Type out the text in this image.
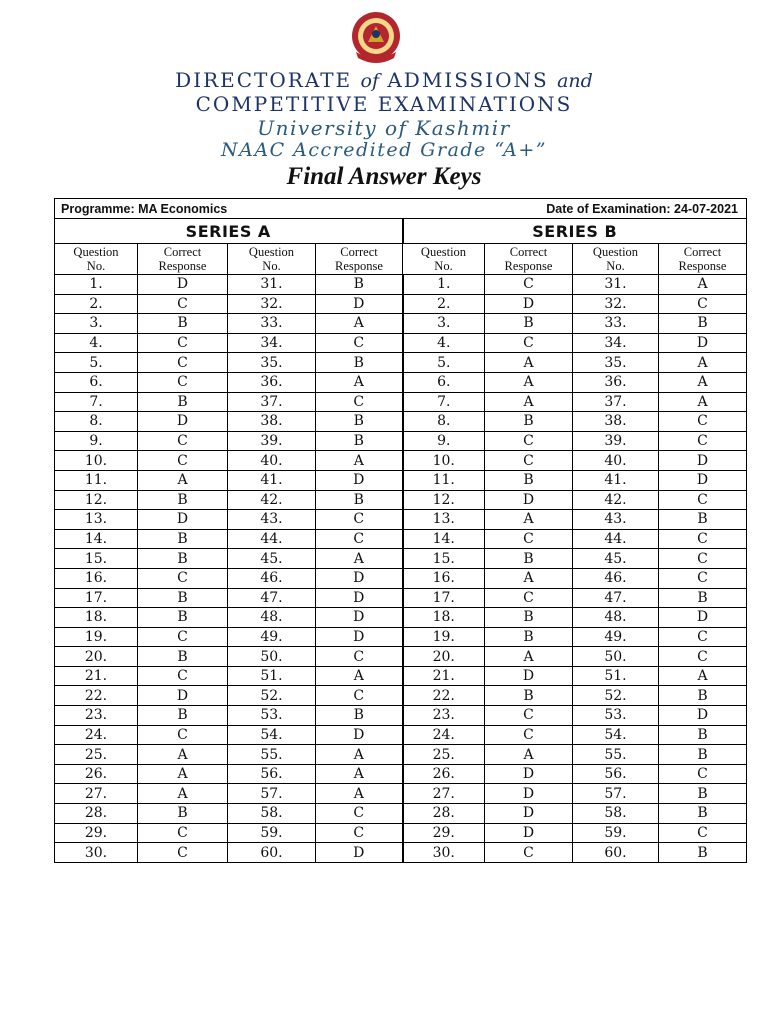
DIRECTORATE of ADMISSIONS and
COMPETITIVE EXAMINATIONS
University of Kashmir
NAAC Accredited Grade “A+”
Final Answer Keys
Programme: MA Economics				Date of Examination: 24-07-2021			
SERIES A				SERIES B			
Question
No.	Correct
Response	Question
No.	Correct
Response	Question
No.	Correct
Response	Question
No.	Correct
Response
1.	D	31.	B	1.	C	31.	A
2.	C	32.	D	2.	D	32.	C
3.	B	33.	A	3.	B	33.	B
4.	C	34.	C	4.	C	34.	D
5.	C	35.	B	5.	A	35.	A
6.	C	36.	A	6.	A	36.	A
7.	B	37.	C	7.	A	37.	A
8.	D	38.	B	8.	B	38.	C
9.	C	39.	B	9.	C	39.	C
10.	C	40.	A	10.	C	40.	D
11.	A	41.	D	11.	B	41.	D
12.	B	42.	B	12.	D	42.	C
13.	D	43.	C	13.	A	43.	B
14.	B	44.	C	14.	C	44.	C
15.	B	45.	A	15.	B	45.	C
16.	C	46.	D	16.	A	46.	C
17.	B	47.	D	17.	C	47.	B
18.	B	48.	D	18.	B	48.	D
19.	C	49.	D	19.	B	49.	C
20.	B	50.	C	20.	A	50.	C
21.	C	51.	A	21.	D	51.	A
22.	D	52.	C	22.	B	52.	B
23.	B	53.	B	23.	C	53.	D
24.	C	54.	D	24.	C	54.	B
25.	A	55.	A	25.	A	55.	B
26.	A	56.	A	26.	D	56.	C
27.	A	57.	A	27.	D	57.	B
28.	B	58.	C	28.	D	58.	B
29.	C	59.	C	29.	D	59.	C
30.	C	60.	D	30.	C	60.	B
